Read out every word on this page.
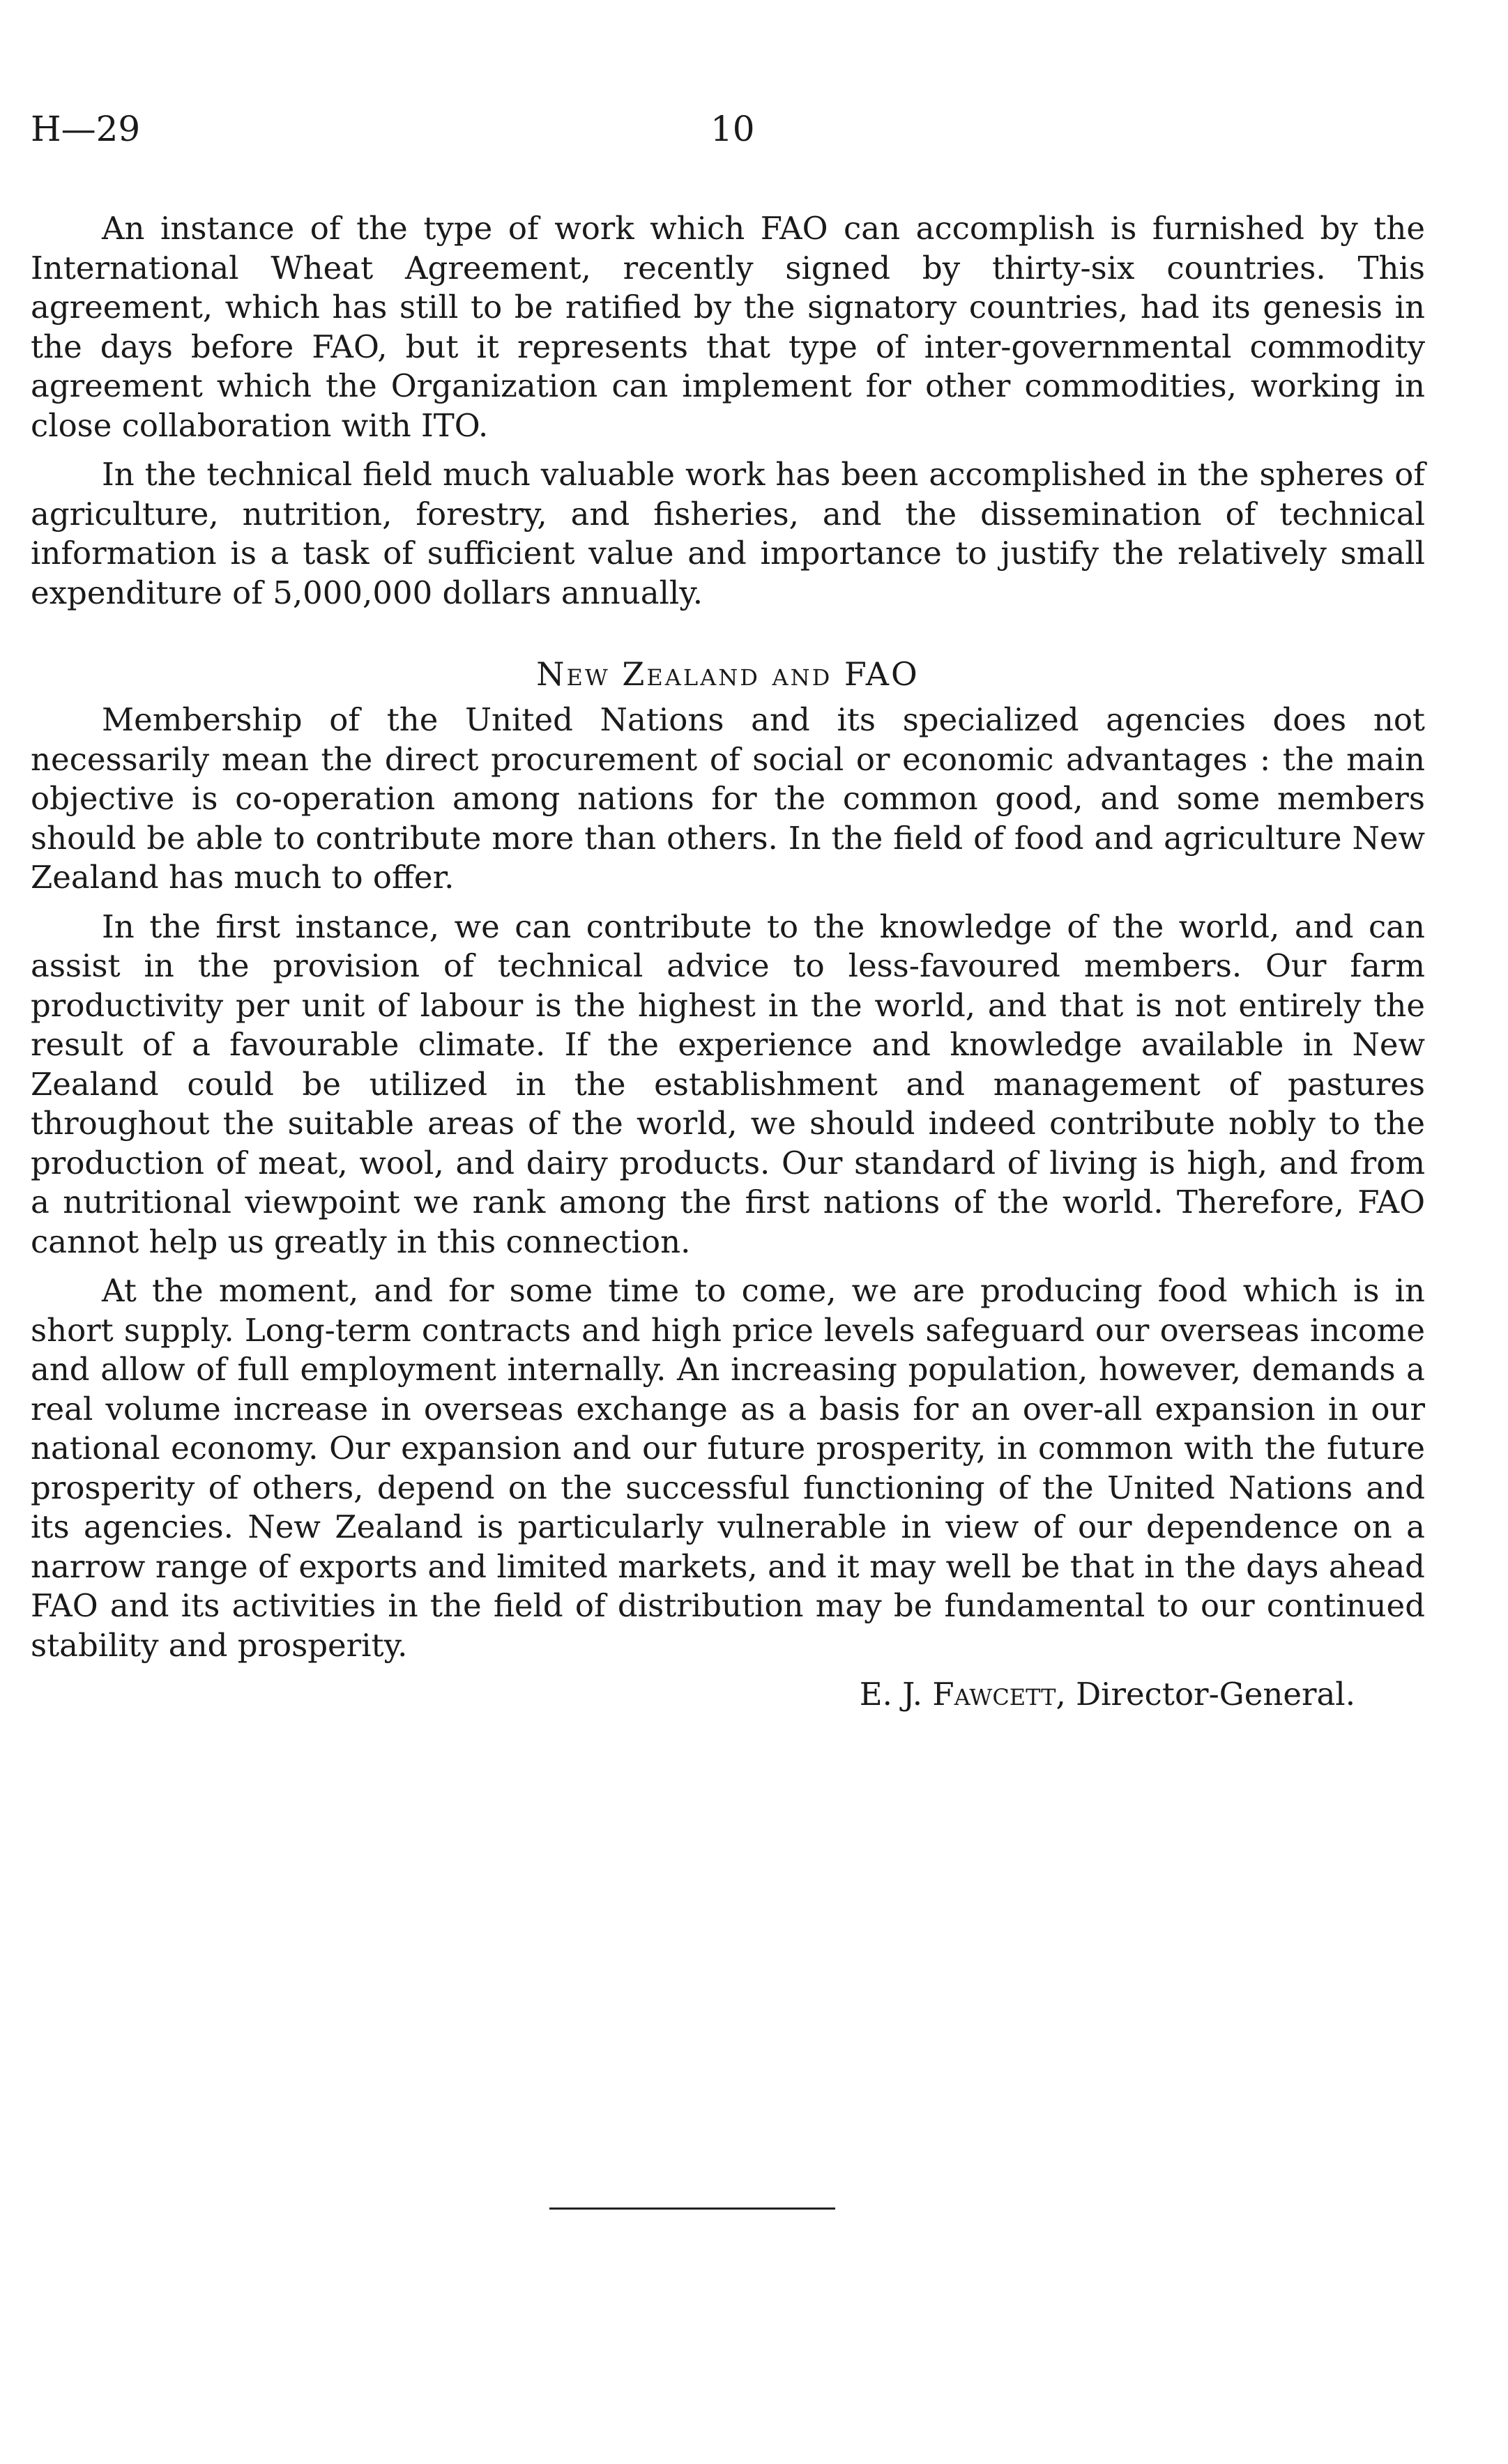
H—29	10

An instance of the type of work which FAO can accomplish is furnished by the International Wheat Agreement, recently signed by thirty-six countries. This agreement, which has still to be ratified by the signatory countries, had its genesis in the days before FAO, but it represents that type of inter-governmental commodity agreement which the Organization can implement for other commodities, working in close collaboration with ITO.

In the technical field much valuable work has been accomplished in the spheres of agriculture, nutrition, forestry, and fisheries, and the dissemination of technical information is a task of sufficient value and importance to justify the relatively small expenditure of 5,000,000 dollars annually.

New Zealand and FAO

Membership of the United Nations and its specialized agencies does not necessarily mean the direct procurement of social or economic advantages : the main objective is co-operation among nations for the common good, and some members should be able to contribute more than others. In the field of food and agriculture New Zealand has much to offer.

In the first instance, we can contribute to the knowledge of the world, and can assist in the provision of technical advice to less-favoured members. Our farm productivity per unit of labour is the highest in the world, and that is not entirely the result of a favourable climate. If the experience and knowledge available in New Zealand could be utilized in the establishment and management of pastures throughout the suitable areas of the world, we should indeed contribute nobly to the production of meat, wool, and dairy products. Our standard of living is high, and from a nutritional viewpoint we rank among the first nations of the world. Therefore, FAO cannot help us greatly in this connection.

At the moment, and for some time to come, we are producing food which is in short supply. Long-term contracts and high price levels safeguard our overseas income and allow of full employment internally. An increasing population, however, demands a real volume increase in overseas exchange as a basis for an over-all expansion in our national economy. Our expansion and our future prosperity, in common with the future prosperity of others, depend on the successful functioning of the United Nations and its agencies. New Zealand is particularly vulnerable in view of our dependence on a narrow range of exports and limited markets, and it may well be that in the days ahead FAO and its activities in the field of distribution may be fundamental to our continued stability and prosperity.

E. J. Fawcett, Director-General.
